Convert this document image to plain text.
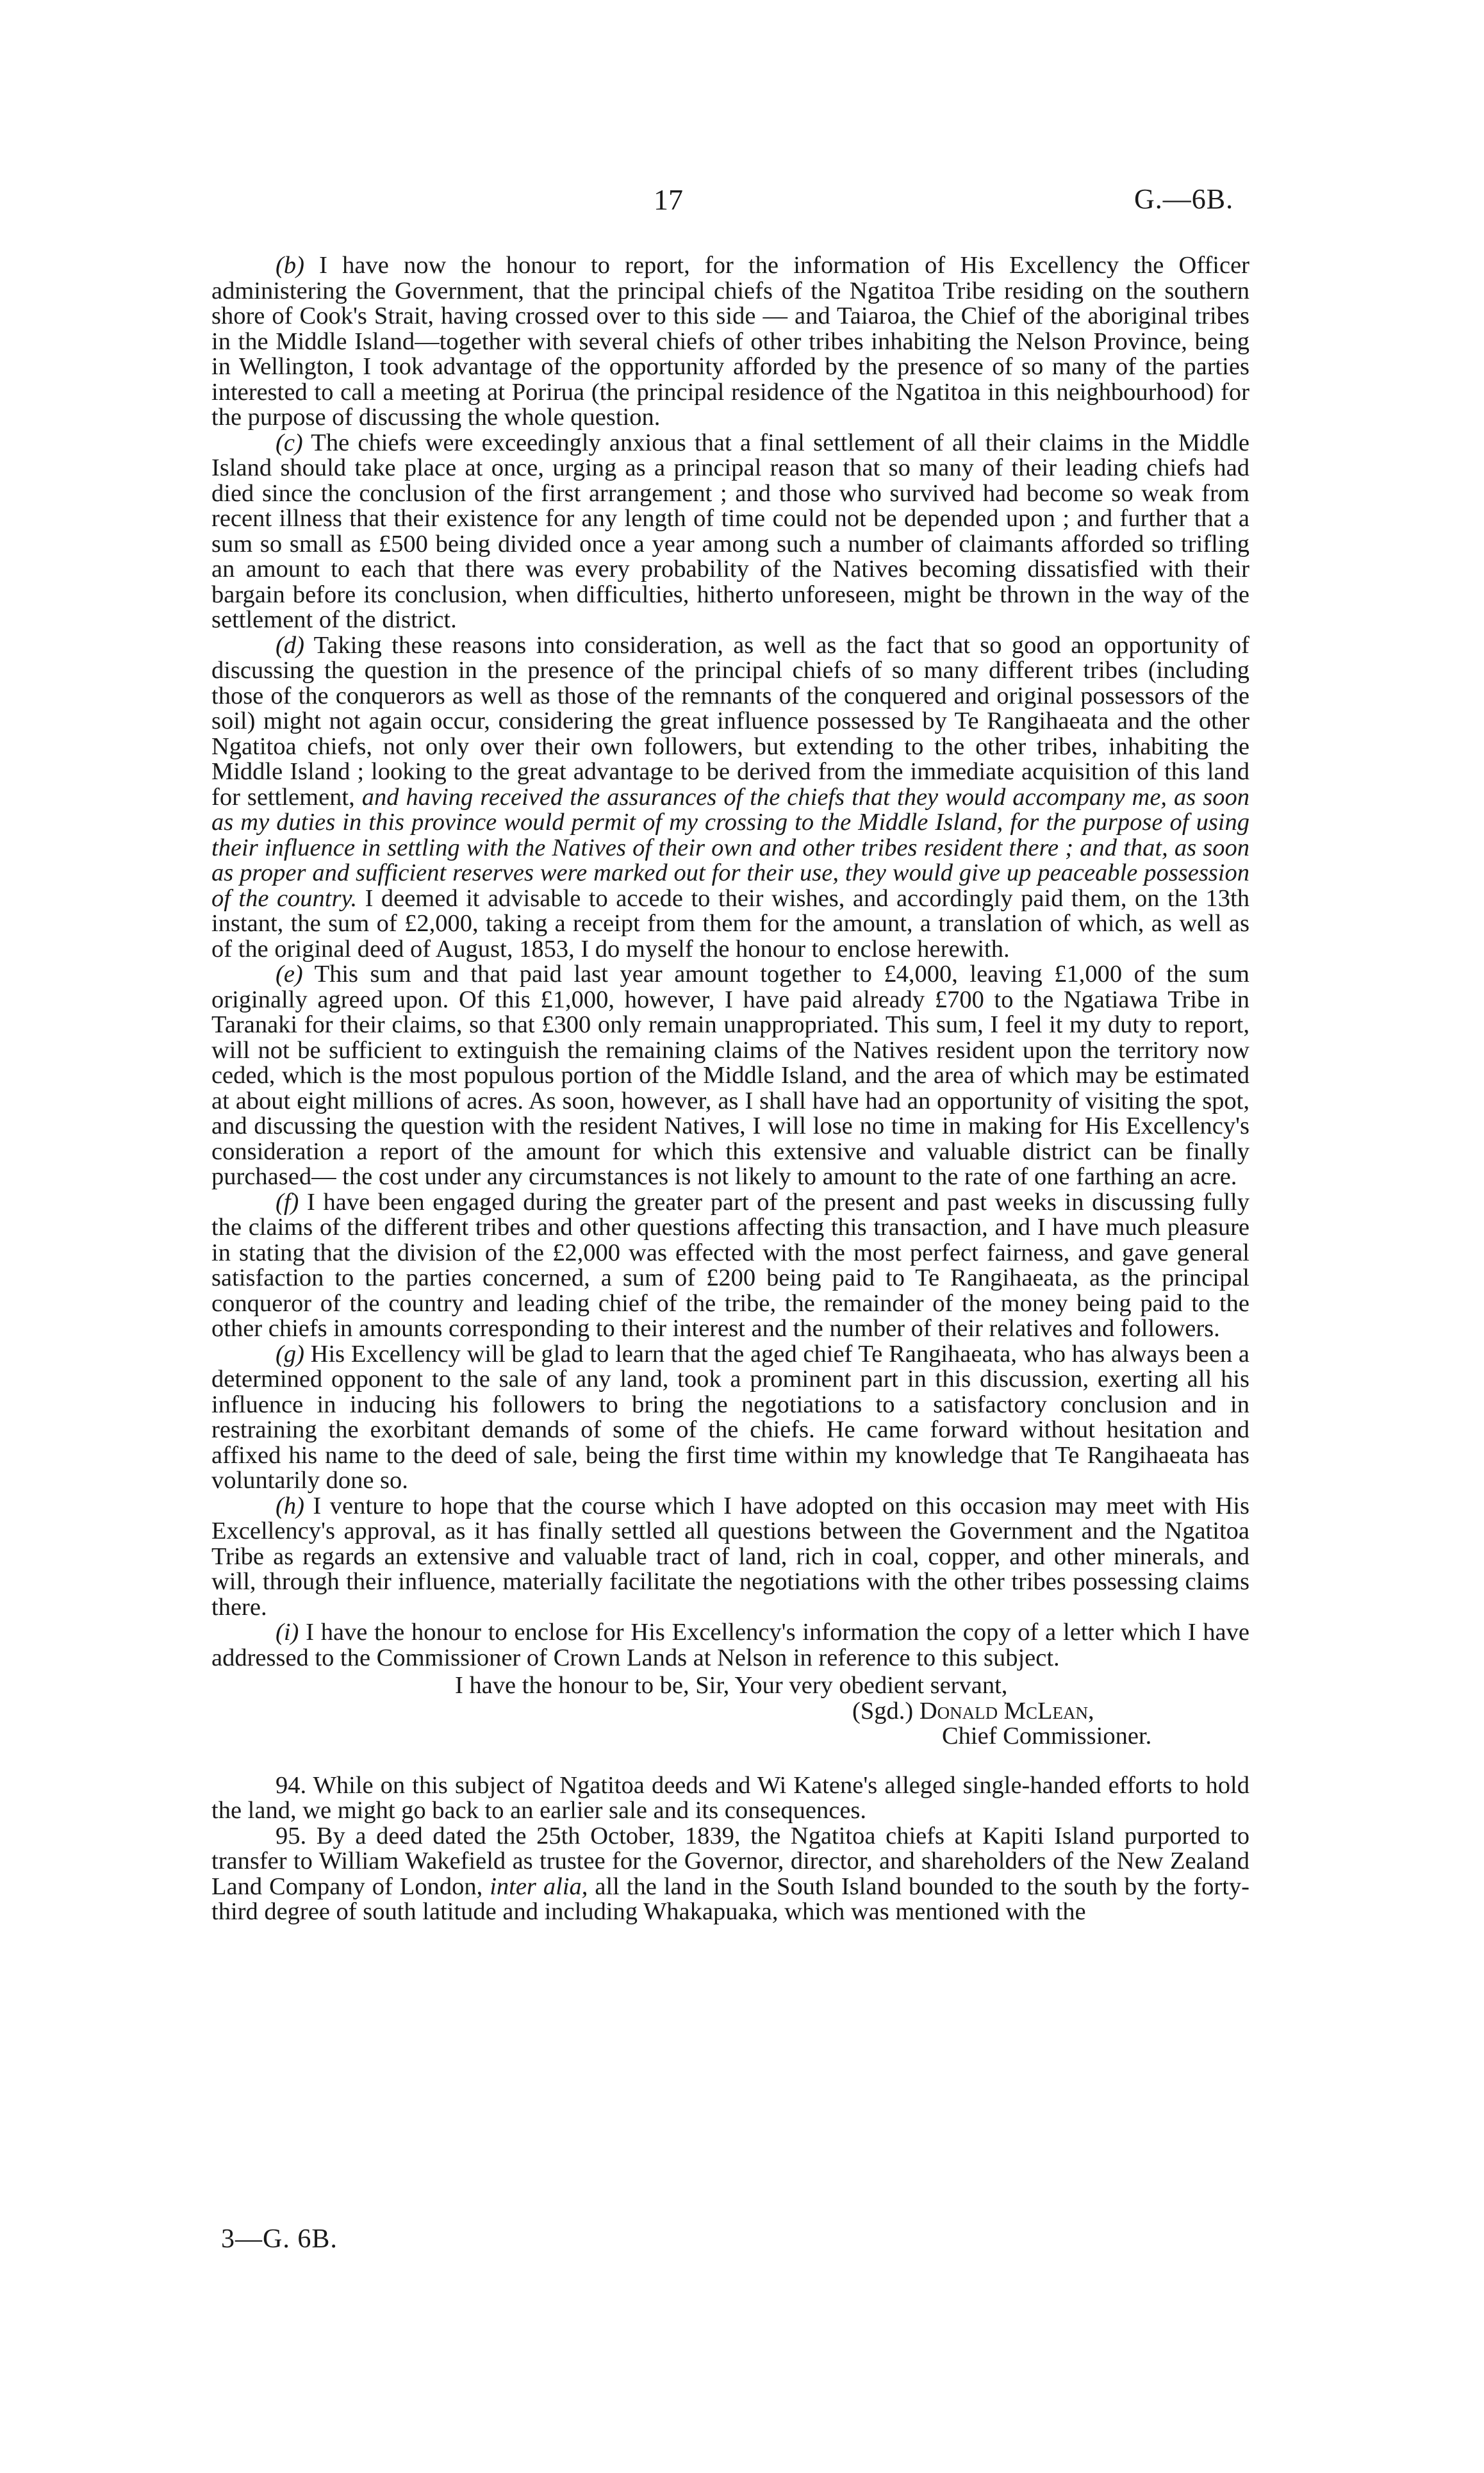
17	G.—6B.

(b) I have now the honour to report, for the information of His Excellency the Officer administering the Government, that the principal chiefs of the Ngatitoa Tribe residing on the southern shore of Cook's Strait, having crossed over to this side — and Taiaroa, the Chief of the aboriginal tribes in the Middle Island—together with several chiefs of other tribes inhabiting the Nelson Province, being in Wellington, I took advantage of the opportunity afforded by the presence of so many of the parties interested to call a meeting at Porirua (the principal residence of the Ngatitoa in this neighbourhood) for the purpose of discussing the whole question.

(c) The chiefs were exceedingly anxious that a final settlement of all their claims in the Middle Island should take place at once, urging as a principal reason that so many of their leading chiefs had died since the conclusion of the first arrangement ; and those who survived had become so weak from recent illness that their existence for any length of time could not be depended upon ; and further that a sum so small as £500 being divided once a year among such a number of claimants afforded so trifling an amount to each that there was every probability of the Natives becoming dissatisfied with their bargain before its conclusion, when difficulties, hitherto unforeseen, might be thrown in the way of the settlement of the district.

(d) Taking these reasons into consideration, as well as the fact that so good an opportunity of discussing the question in the presence of the principal chiefs of so many different tribes (including those of the conquerors as well as those of the remnants of the conquered and original possessors of the soil) might not again occur, considering the great influence possessed by Te Rangihaeata and the other Ngatitoa chiefs, not only over their own followers, but extending to the other tribes, inhabiting the Middle Island ; looking to the great advantage to be derived from the immediate acquisition of this land for settlement, and having received the assurances of the chiefs that they would accompany me, as soon as my duties in this province would permit of my crossing to the Middle Island, for the purpose of using their influence in settling with the Natives of their own and other tribes resident there ; and that, as soon as proper and sufficient reserves were marked out for their use, they would give up peaceable possession of the country. I deemed it advisable to accede to their wishes, and accordingly paid them, on the 13th instant, the sum of £2,000, taking a receipt from them for the amount, a translation of which, as well as of the original deed of August, 1853, I do myself the honour to enclose herewith.

(e) This sum and that paid last year amount together to £4,000, leaving £1,000 of the sum originally agreed upon. Of this £1,000, however, I have paid already £700 to the Ngatiawa Tribe in Taranaki for their claims, so that £300 only remain unappropriated. This sum, I feel it my duty to report, will not be sufficient to extinguish the remaining claims of the Natives resident upon the territory now ceded, which is the most populous portion of the Middle Island, and the area of which may be estimated at about eight millions of acres. As soon, however, as I shall have had an opportunity of visiting the spot, and discussing the question with the resident Natives, I will lose no time in making for His Excellency's consideration a report of the amount for which this extensive and valuable district can be finally purchased— the cost under any circumstances is not likely to amount to the rate of one farthing an acre.

(f) I have been engaged during the greater part of the present and past weeks in discussing fully the claims of the different tribes and other questions affecting this transaction, and I have much pleasure in stating that the division of the £2,000 was effected with the most perfect fairness, and gave general satisfaction to the parties concerned, a sum of £200 being paid to Te Rangihaeata, as the principal conqueror of the country and leading chief of the tribe, the remainder of the money being paid to the other chiefs in amounts corresponding to their interest and the number of their relatives and followers.

(g) His Excellency will be glad to learn that the aged chief Te Rangihaeata, who has always been a determined opponent to the sale of any land, took a prominent part in this discussion, exerting all his influence in inducing his followers to bring the negotiations to a satisfactory conclusion and in restraining the exorbitant demands of some of the chiefs. He came forward without hesitation and affixed his name to the deed of sale, being the first time within my knowledge that Te Rangihaeata has voluntarily done so.

(h) I venture to hope that the course which I have adopted on this occasion may meet with His Excellency's approval, as it has finally settled all questions between the Government and the Ngatitoa Tribe as regards an extensive and valuable tract of land, rich in coal, copper, and other minerals, and will, through their influence, materially facilitate the negotiations with the other tribes possessing claims there.

(i) I have the honour to enclose for His Excellency's information the copy of a letter which I have addressed to the Commissioner of Crown Lands at Nelson in reference to this subject.

I have the honour to be, Sir, Your very obedient servant,

(Sgd.) Donald McLean,

Chief Commissioner.

94. While on this subject of Ngatitoa deeds and Wi Katene's alleged single-handed efforts to hold the land, we might go back to an earlier sale and its consequences.

95. By a deed dated the 25th October, 1839, the Ngatitoa chiefs at Kapiti Island purported to transfer to William Wakefield as trustee for the Governor, director, and shareholders of the New Zealand Land Company of London, inter alia, all the land in the South Island bounded to the south by the forty-third degree of south latitude and including Whakapuaka, which was mentioned with the

3—G. 6B.
